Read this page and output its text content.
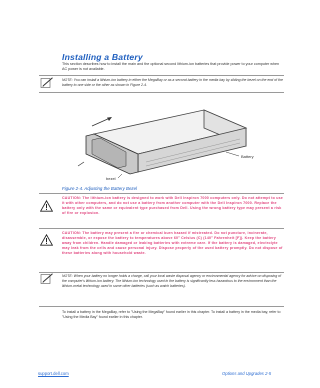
Installing a Battery
This section describes how to install the main and the optional second lithium-ion batteries that provide power to your computer when AC power is not available.
NOTE: You can install a lithium-ion battery in either the MegaBay or as a second battery in the media bay by sliding the bezel on the end of the battery to one side or the other as shown in Figure 2-4.
Battery
bezel
Figure 2-4. Adjusting the Battery Bezel
CAUTION: The lithium-ion battery is designed to work with Dell Inspiron 7000 computers only. Do not attempt to use it with other computers, and do not use a battery from another computer with the Dell Inspiron 7000. Replace the battery only with the same or equivalent type purchased from Dell. Using the wrong battery type may present a risk of fire or explosion.
CAUTION: The battery may present a fire or chemical burn hazard if mistreated. Do not puncture, incinerate, disassemble, or expose the battery to temperatures above 60° Celsius (C) (140° Fahrenheit [F]). Keep the battery away from children. Handle damaged or leaking batteries with extreme care. If the battery is damaged, electrolyte may leak from the cells and cause personal injury. Dispose properly of the used battery promptly. Do not dispose of these batteries along with household waste.
NOTE: When your battery no longer holds a charge, call your local waste disposal agency or environmental agency for advice on disposing of the computer's lithium-ion battery. The lithium-ion technology used in the battery is significantly less hazardous to the environment than the lithium-metal technology used in some other batteries (such as watch batteries).
To install a battery in the MegaBay, refer to "Using the MegaBay" found earlier in this chapter. To install a battery in the media bay, refer to "Using the Media Bay" found earlier in this chapter.
support.dell.com	Options and Upgrades 2-5
